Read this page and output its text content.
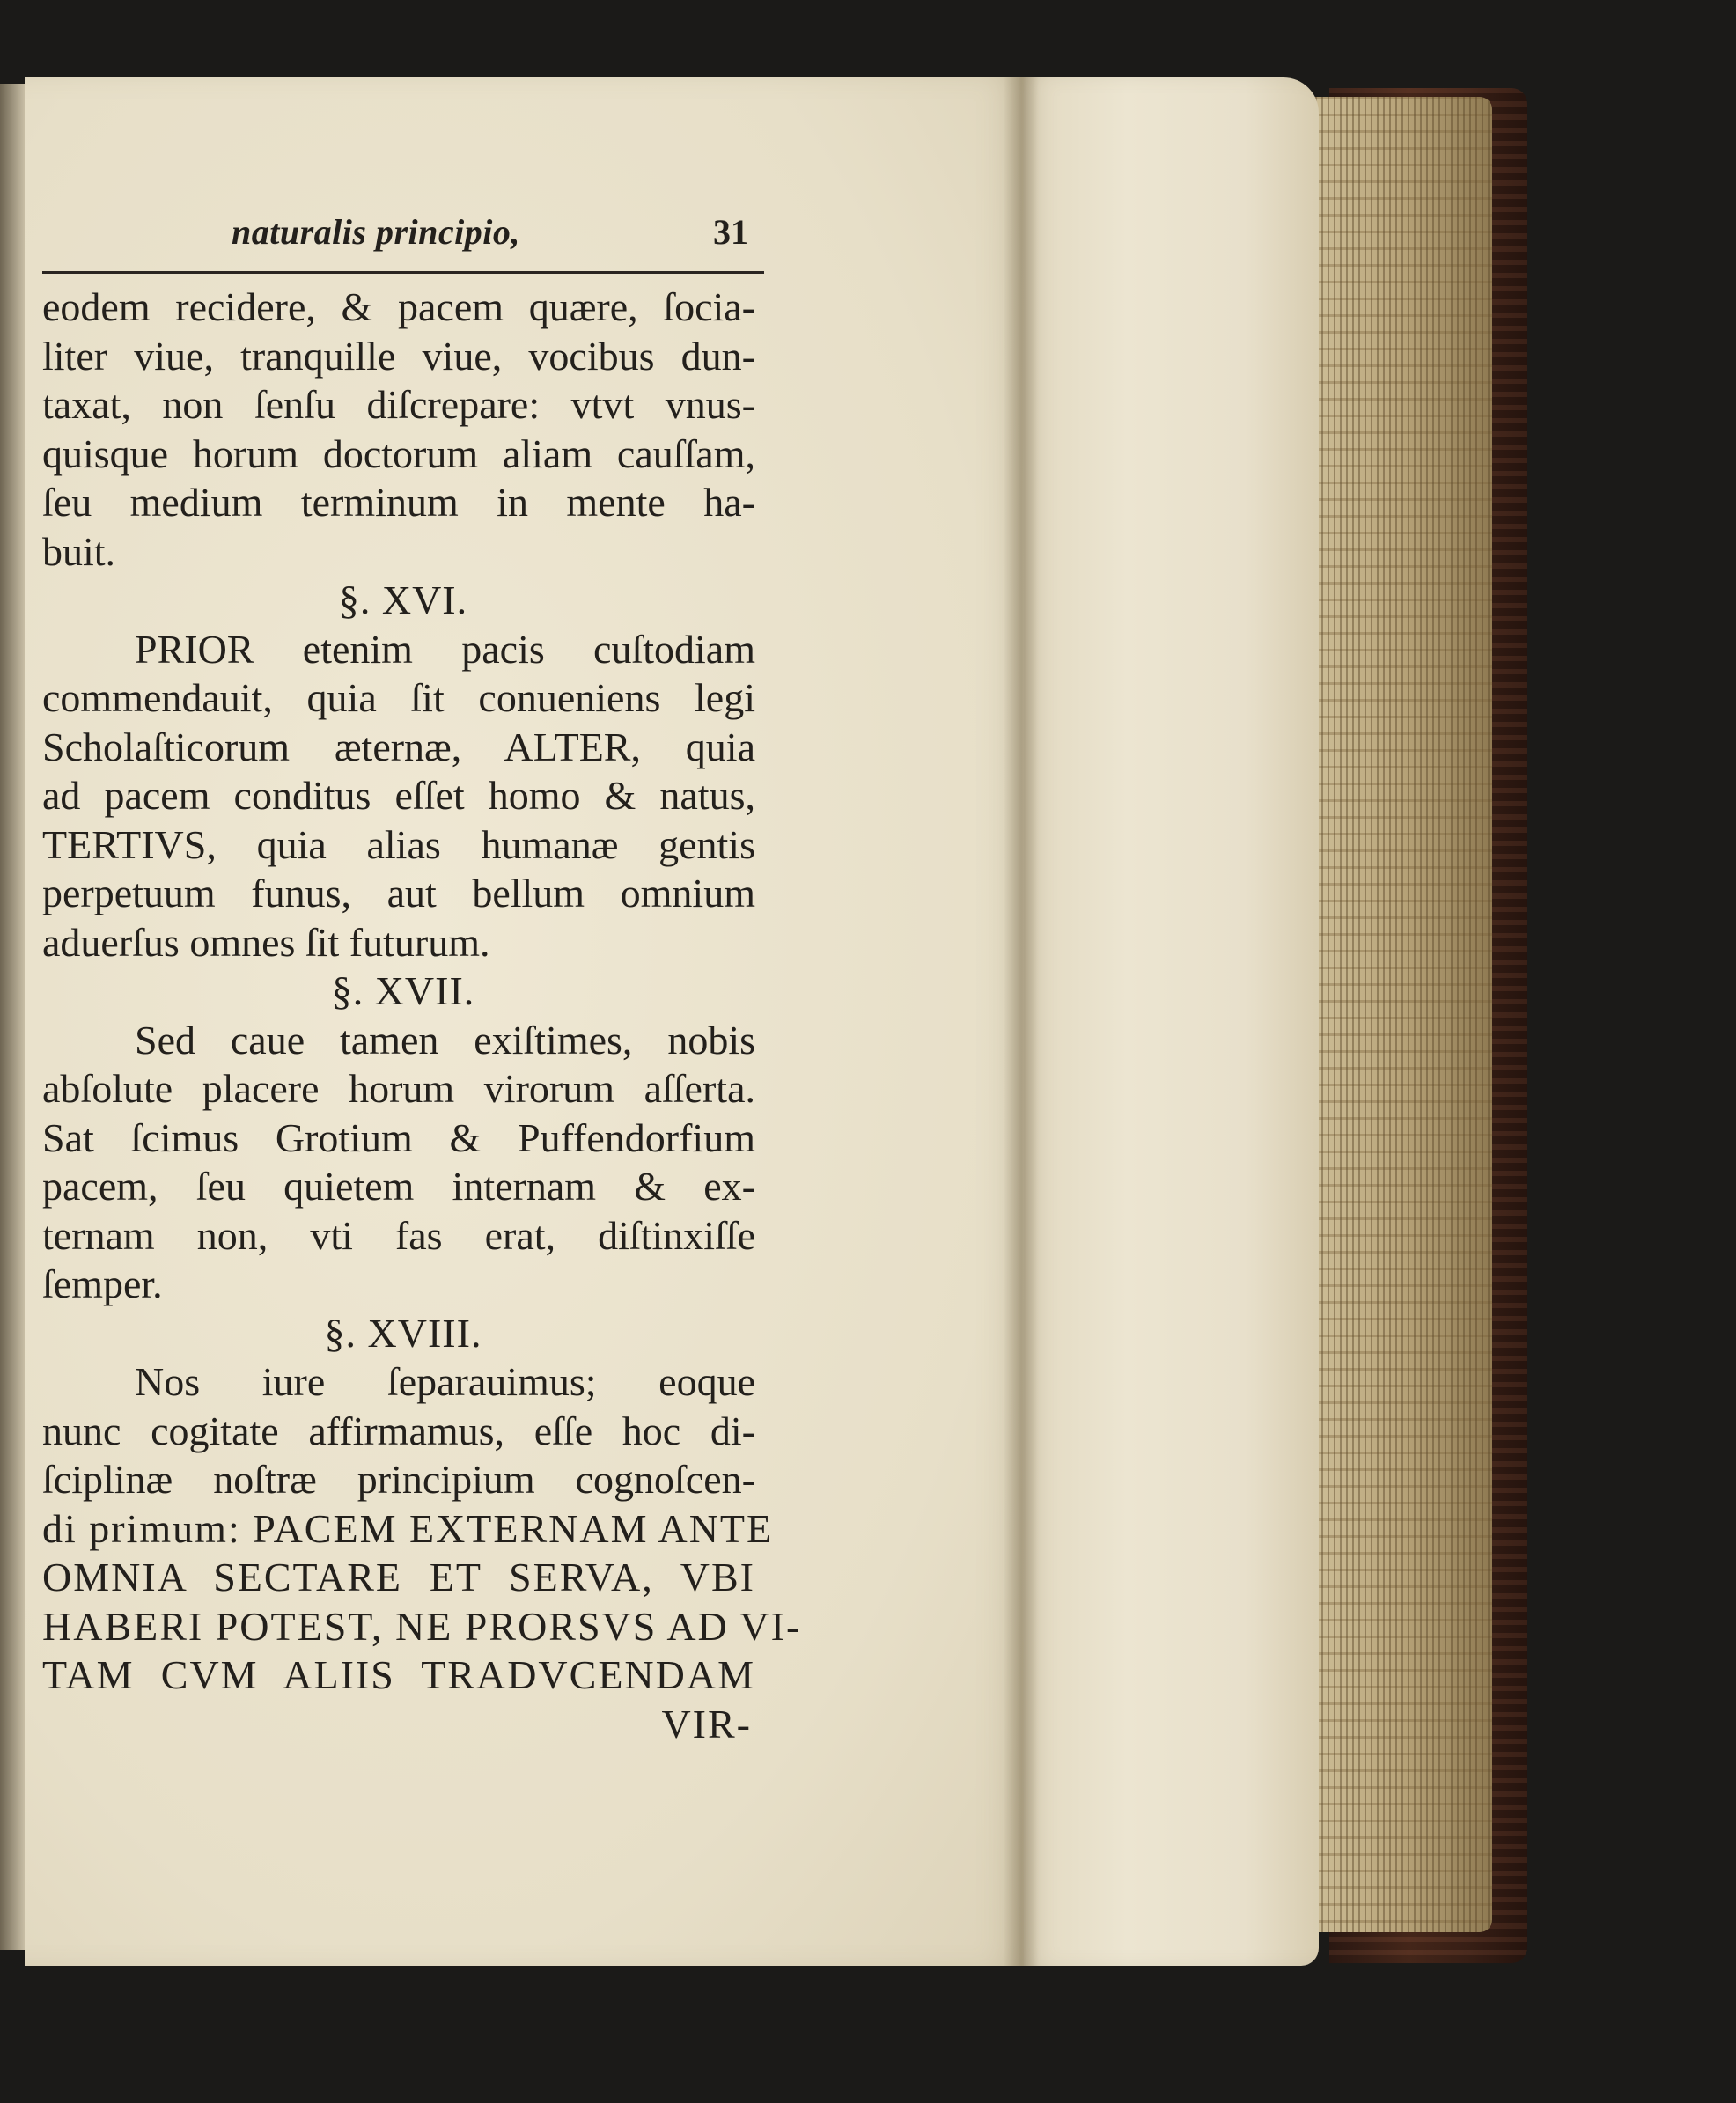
naturalis principio,	31
eodem recidere, & pacem quære, ſocia-
liter viue, tranquille viue, vocibus dun-
taxat, non ſenſu diſcrepare: vtvt vnus-
quisque horum doctorum aliam cauſſam,
ſeu medium terminum in mente ha-
buit.
§. XVI.
PRIOR etenim pacis cuſtodiam
commendauit, quia ſit conueniens legi
Scholaſticorum æternæ, ALTER, quia
ad pacem conditus eſſet homo & natus,
TERTIVS, quia alias humanæ gentis
perpetuum funus, aut bellum omnium
aduerſus omnes ſit futurum.
§. XVII.
Sed caue tamen exiſtimes, nobis
abſolute placere horum virorum aſſerta.
Sat ſcimus Grotium & Puffendorfium
pacem, ſeu quietem internam & ex-
ternam non, vti fas erat, diſtinxiſſe
ſemper.
§. XVIII.
Nos iure ſeparauimus; eoque
nunc cogitate affirmamus, eſſe hoc di-
ſciplinæ noſtræ principium cognoſcen-
di primum: PACEM EXTERNAM ANTE
OMNIA SECTARE ET SERVA, VBI
HABERI POTEST, NE PRORSVS AD VI-
TAM CVM ALIIS TRADVCENDAM
VIR-
